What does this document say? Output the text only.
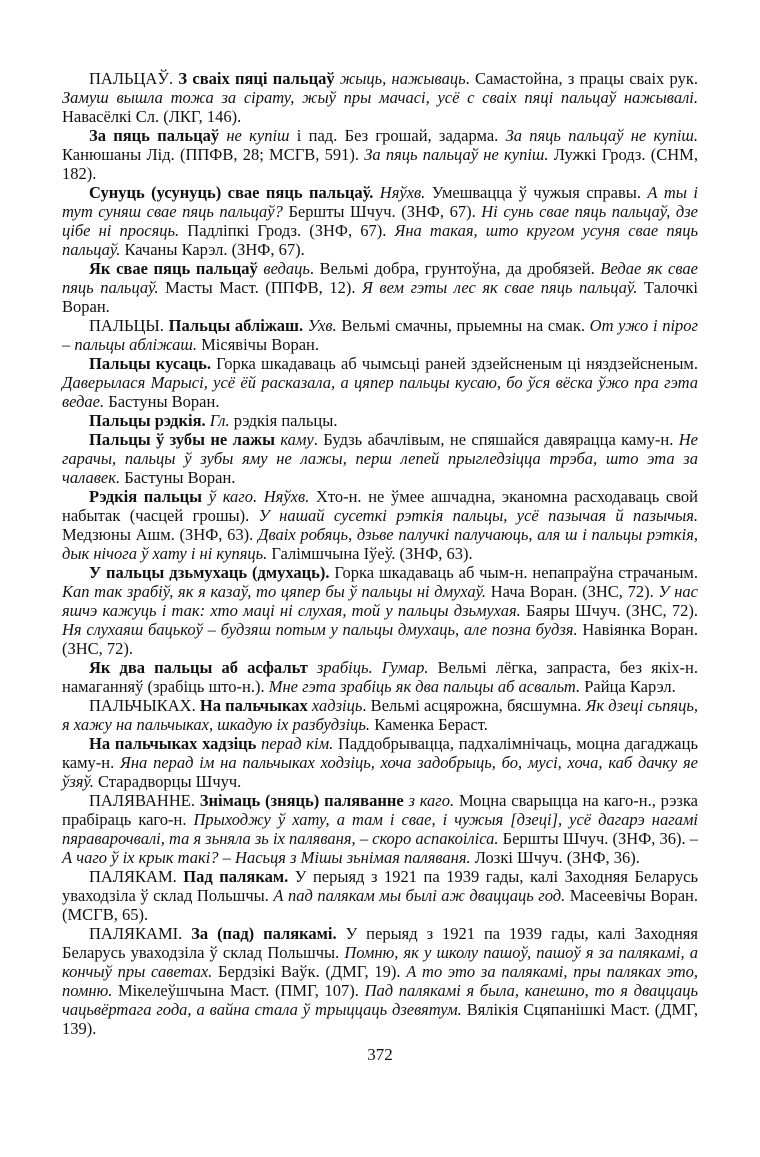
ПАЛЬЦАЎ. З сваіх пяці пальцаў жыць, нажываць. Самастойна, з працы сваіх рук. Замуш вышла тожа за сірату, жыў пры мачасі, усё с сваіх пяці пальцаў нажывалі. Навасёлкі Сл. (ЛКГ, 146).

За пяць пальцаў не купіш і пад. Без грошай, задарма. За пяць пальцаў не купіш. Канюшаны Лід. (ППФВ, 28; МСГВ, 591). За пяць пальцаў не купіш. Лужкі Гродз. (СНМ, 182).

Сунуць (усунуць) свае пяць пальцаў. Няўхв. Умешвацца ў чужыя справы. А ты і тут суняш свае пяць пальцаў? Бершты Шчуч. (ЗНФ, 67). Ні сунь свае пяць пальцаў, дзе цібе ні просяць. Падліпкі Гродз. (ЗНФ, 67). Яна такая, што кругом усуня свае пяць пальцаў. Качаны Карэл. (ЗНФ, 67).

Як свае пяць пальцаў ведаць. Вельмі добра, грунтоўна, да дробязей. Ведае як свае пяць пальцаў. Масты Маст. (ППФВ, 12). Я вем гэты лес як свае пяць пальцаў. Талочкі Воран.

ПАЛЬЦЫ. Пальцы абліжаш. Ухв. Вельмі смачны, прыемны на смак. От ужо і пірог – пальцы абліжаш. Місявічы Воран.

Пальцы кусаць. Горка шкадаваць аб чымсьці раней здзейсненым ці няздзейсненым. Даверылася Марысі, усё ёй расказала, а цяпер пальцы кусаю, бо ўся вёска ўжо пра гэта ведае. Бастуны Воран.

Пальцы рэдкія. Гл. рэдкія пальцы.

Пальцы ў зубы не лажы каму. Будзь абачлівым, не спяшайся давярацца каму-н. Не гарачы, пальцы ў зубы яму не лажы, перш лепей прыгледзіцца трэба, што эта за чалавек. Бастуны Воран.

Рэдкія пальцы ў каго. Няўхв. Хто-н. не ўмее ашчадна, эканомна расходаваць свой набытак (часцей грошы). У нашай сусеткі рэткія пальцы, усё пазычая й пазычыя. Медзюны Ашм. (ЗНФ, 63). Дваіх робяць, дзьве палучкі палучаюць, аля ш і пальцы рэткія, дык нічога ў хату і ні купяць. Галімшчына Іўеў. (ЗНФ, 63).

У пальцы дзьмухаць (дмухаць). Горка шкадаваць аб чым-н. непапраўна страчаным. Кап так зрабіў, як я казаў, то цяпер бы ў пальцы ні дмухаў. Нача Воран. (ЗНС, 72). У нас яшчэ кажуць і так: хто маці ні слухая, той у пальцы дзьмухая. Баяры Шчуч. (ЗНС, 72). Ня слухаяш бацькоў – будзяш потым у пальцы дмухаць, але позна будзя. Навіянка Воран. (ЗНС, 72).

Як два пальцы аб асфальт зрабіць. Гумар. Вельмі лёгка, запраста, без якіх-н. намаганняў (зрабіць што-н.). Мне гэта зрабіць як два пальцы аб асвальт. Райца Карэл.

ПАЛЬЧЫКАХ. На пальчыках хадзіць. Вельмі асцярожна, бясшумна. Як дзеці сьпяць, я хажу на пальчыках, шкадую іх разбудзіць. Каменка Бераст.

На пальчыках хадзіць перад кім. Паддобрывацца, падхалімнічаць, моцна дагаджаць каму-н. Яна перад ім на пальчыках ходзіць, хоча задобрыць, бо, мусі, хоча, каб дачку яе ўзяў. Старадворцы Шчуч.

ПАЛЯВАННЕ. Знімаць (зняць) паляванне з каго. Моцна сварыцца на каго-н., рэзка прабіраць каго-н. Прыходжу ў хату, а там і свае, і чужыя [дзеці], усё дагарэ нагамі пяраварочвалі, та я зьняла зь іх паляваня, – скоро аспакоіліса. Бершты Шчуч. (ЗНФ, 36). – А чаго ў іх крык такі? – Насьця з Мішы зьнімая паляваня. Лозкі Шчуч. (ЗНФ, 36).

ПАЛЯКАМ. Пад палякам. У перыяд з 1921 па 1939 гады, калі Заходняя Беларусь уваходзіла ў склад Польшчы. А пад палякам мы былі аж дваццаць год. Масеевічы Воран. (МСГВ, 65).

ПАЛЯКАМІ. За (пад) палякамі. У перыяд з 1921 па 1939 гады, калі Заходняя Беларусь уваходзіла ў склад Польшчы. Помню, як у школу пашоў, пашоў я за палякамі, а кончыў пры саветах. Бердзікі Ваўк. (ДМГ, 19). А то это за палякамі, пры паляках это, помню. Мікелеўшчына Маст. (ПМГ, 107). Пад палякамі я была, канешно, то я дваццаць чацьвёртага года, а вайна стала ў трыццаць дзевятум. Вялікія Сцяпанішкі Маст. (ДМГ, 139).

372
